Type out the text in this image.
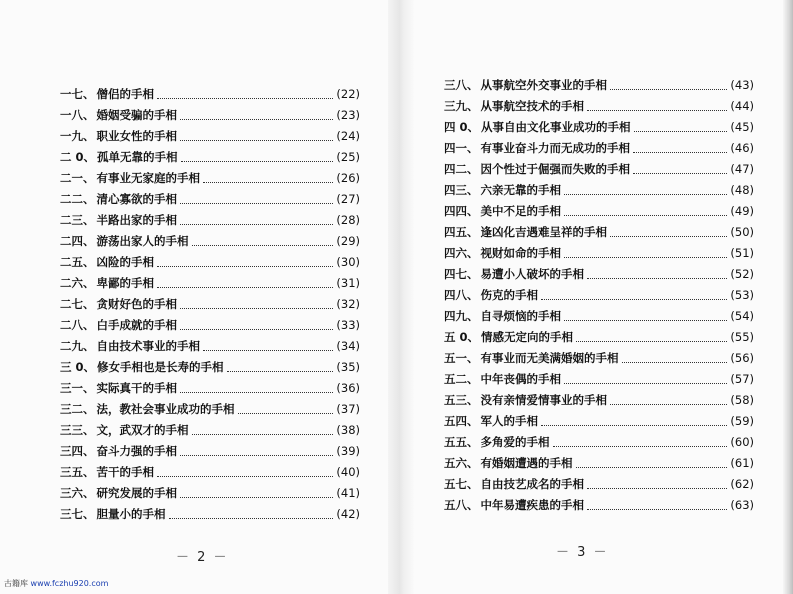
一七、 僧侣的手相	(22)
一八、 婚姻受骗的手相	(23)
一九、 职业女性的手相	(24)
二 0、 孤单无靠的手相	(25)
二一、 有事业无家庭的手相	(26)
二二、 清心寡欲的手相	(27)
二三、 半路出家的手相	(28)
二四、 游荡出家人的手相	(29)
二五、 凶险的手相	(30)
二六、 卑鄙的手相	(31)
二七、 贪财好色的手相	(32)
二八、 白手成就的手相	(33)
二九、 自由技术事业的手相	(34)
三 0、 修女手相也是长寿的手相	(35)
三一、 实际真干的手相	(36)
三二、 法，教社会事业成功的手相	(37)
三三、 文，武双才的手相	(38)
三四、 奋斗力强的手相	(39)
三五、 苦干的手相	(40)
三六、 研究发展的手相	(41)
三七、 胆量小的手相	(42)
－ 2 －
三八、 从事航空外交事业的手相	(43)
三九、 从事航空技术的手相	(44)
四 0、 从事自由文化事业成功的手相	(45)
四一、 有事业奋斗力而无成功的手相	(46)
四二、 因个性过于倔强而失败的手相	(47)
四三、 六亲无靠的手相	(48)
四四、 美中不足的手相	(49)
四五、 逢凶化吉遇难呈祥的手相	(50)
四六、 视财如命的手相	(51)
四七、 易遭小人破坏的手相	(52)
四八、 伤克的手相	(53)
四九、 自寻烦恼的手相	(54)
五 0、 情感无定向的手相	(55)
五一、 有事业而无美满婚姻的手相	(56)
五二、 中年丧偶的手相	(57)
五三、 没有亲情爱情事业的手相	(58)
五四、 军人的手相	(59)
五五、 多角爱的手相	(60)
五六、 有婚姻遭遇的手相	(61)
五七、 自由技艺成名的手相	(62)
五八、 中年易遭疾患的手相	(63)
－ 3 －
古籍库 www.fczhu920.com
